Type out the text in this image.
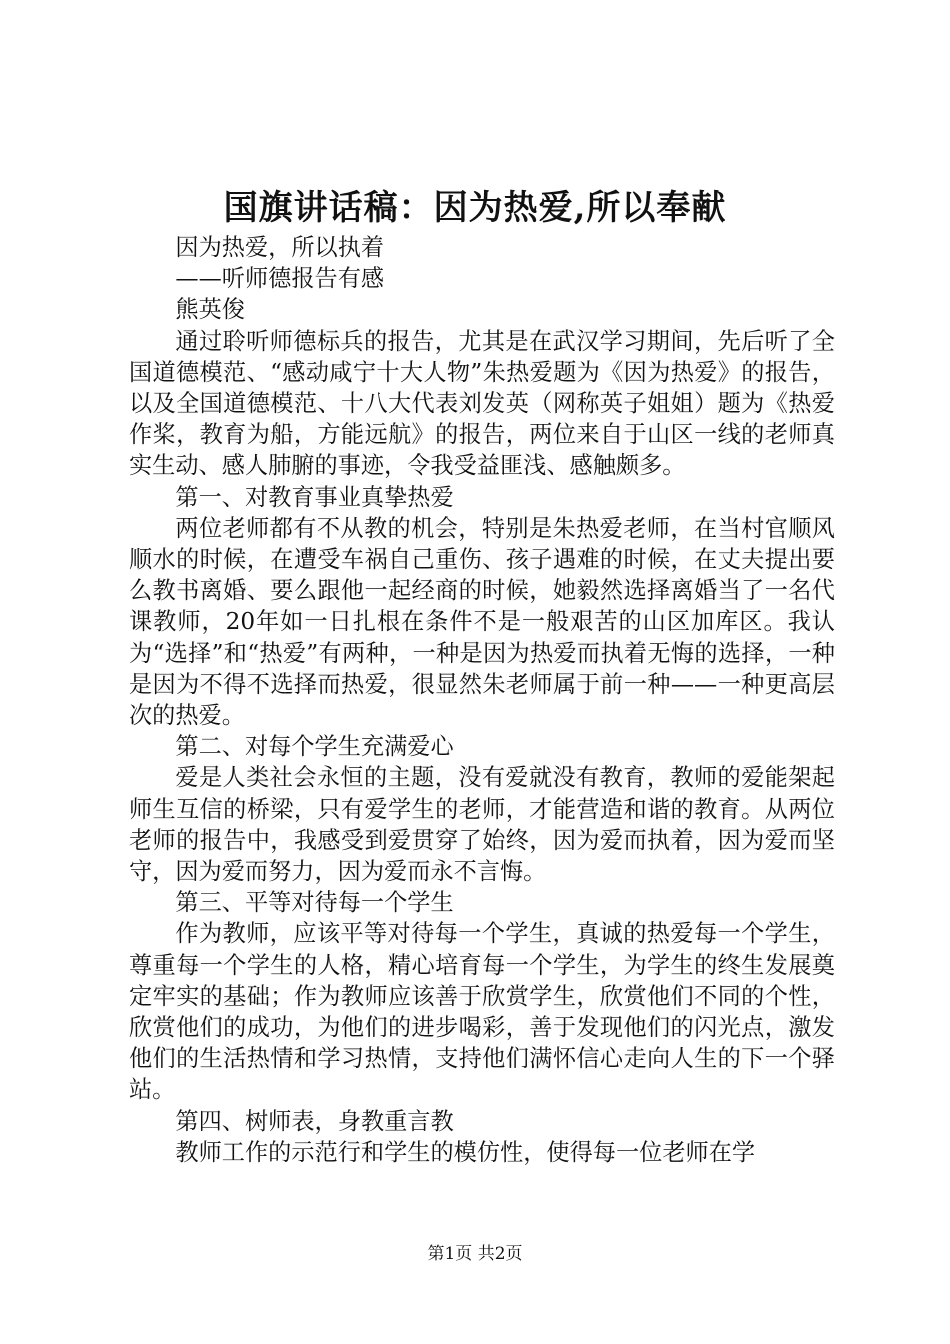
国旗讲话稿：因为热爱,所以奉献

因为热爱，所以执着

——听师德报告有感

熊英俊

通过聆听师德标兵的报告，尤其是在武汉学习期间，先后听了全国道德模范、“感动咸宁十大人物”朱热爱题为《因为热爱》的报告，以及全国道德模范、十八大代表刘发英（网称英子姐姐）题为《热爱作桨，教育为船，方能远航》的报告，两位来自于山区一线的老师真实生动、感人肺腑的事迹，令我受益匪浅、感触颇多。

第一、对教育事业真挚热爱

两位老师都有不从教的机会，特别是朱热爱老师，在当村官顺风顺水的时候，在遭受车祸自己重伤、孩子遇难的时候，在丈夫提出要么教书离婚、要么跟他一起经商的时候，她毅然选择离婚当了一名代课教师，20年如一日扎根在条件不是一般艰苦的山区加库区。我认为“选择”和“热爱”有两种，一种是因为热爱而执着无悔的选择，一种是因为不得不选择而热爱，很显然朱老师属于前一种——一种更高层次的热爱。

第二、对每个学生充满爱心

爱是人类社会永恒的主题，没有爱就没有教育，教师的爱能架起师生互信的桥梁，只有爱学生的老师，才能营造和谐的教育。从两位老师的报告中，我感受到爱贯穿了始终，因为爱而执着，因为爱而坚守，因为爱而努力，因为爱而永不言悔。

第三、平等对待每一个学生

作为教师，应该平等对待每一个学生，真诚的热爱每一个学生，尊重每一个学生的人格，精心培育每一个学生，为学生的终生发展奠定牢实的基础；作为教师应该善于欣赏学生，欣赏他们不同的个性，欣赏他们的成功，为他们的进步喝彩，善于发现他们的闪光点，激发他们的生活热情和学习热情，支持他们满怀信心走向人生的下一个驿站。

第四、树师表，身教重言教

教师工作的示范行和学生的模仿性，使得每一位老师在学

第1页 共2页
